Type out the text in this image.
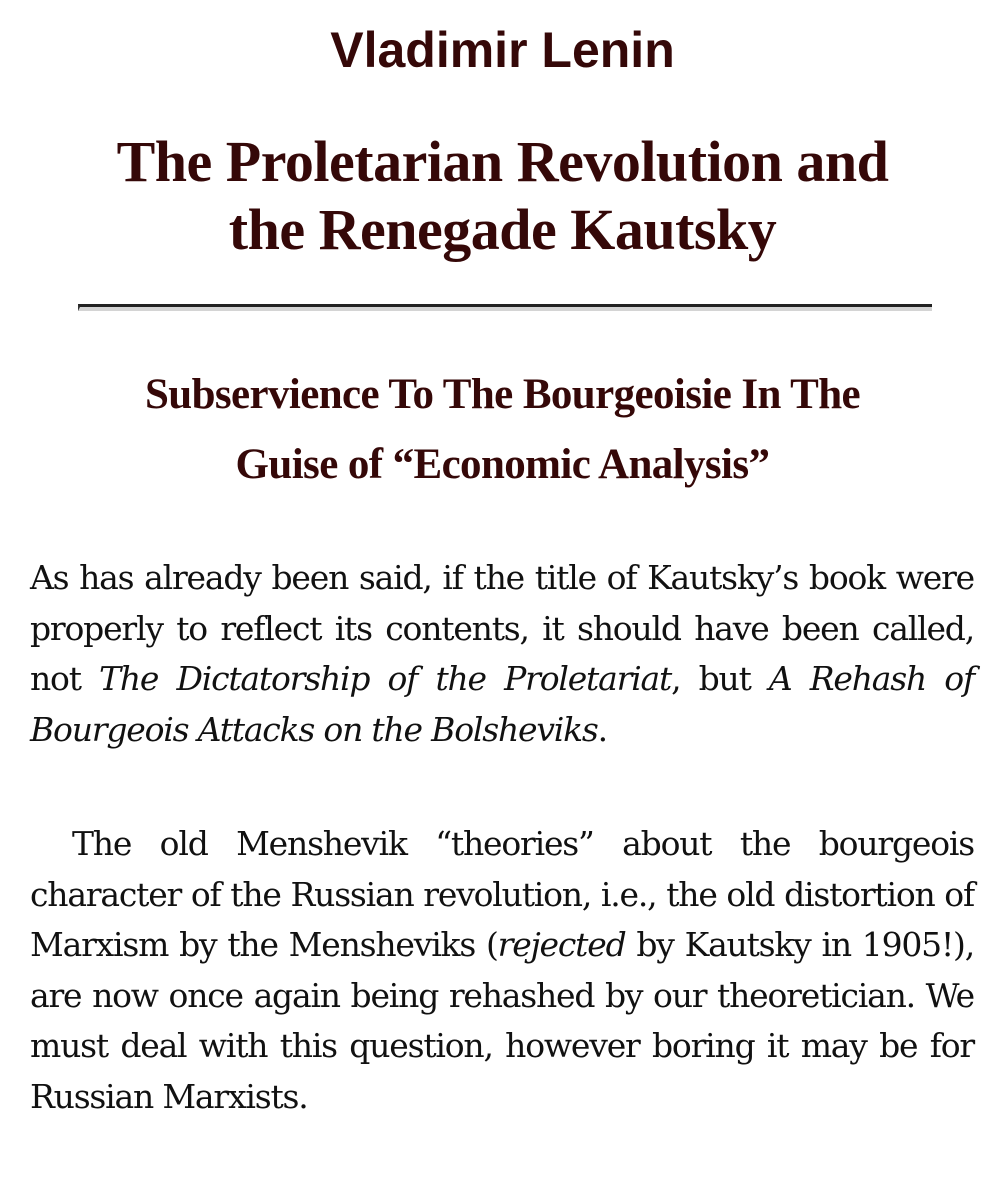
Vladimir Lenin
The Proletarian Revolution and
the Renegade Kautsky
Subservience To The Bourgeoisie In The
Guise of “Economic Analysis”

As has already been said, if the title of Kautsky’s book were properly to reflect its contents, it should have been called, not The Dictatorship of the Proletariat, but A Rehash of Bourgeois Attacks on the Bolsheviks.

The old Menshevik “theories” about the bourgeois character of the Russian revolution, i.e., the old distortion of Marxism by the Mensheviks (rejected by Kautsky in 1905!), are now once again being rehashed by our theoretician. We must deal with this question, however boring it may be for Russian Marxists.
